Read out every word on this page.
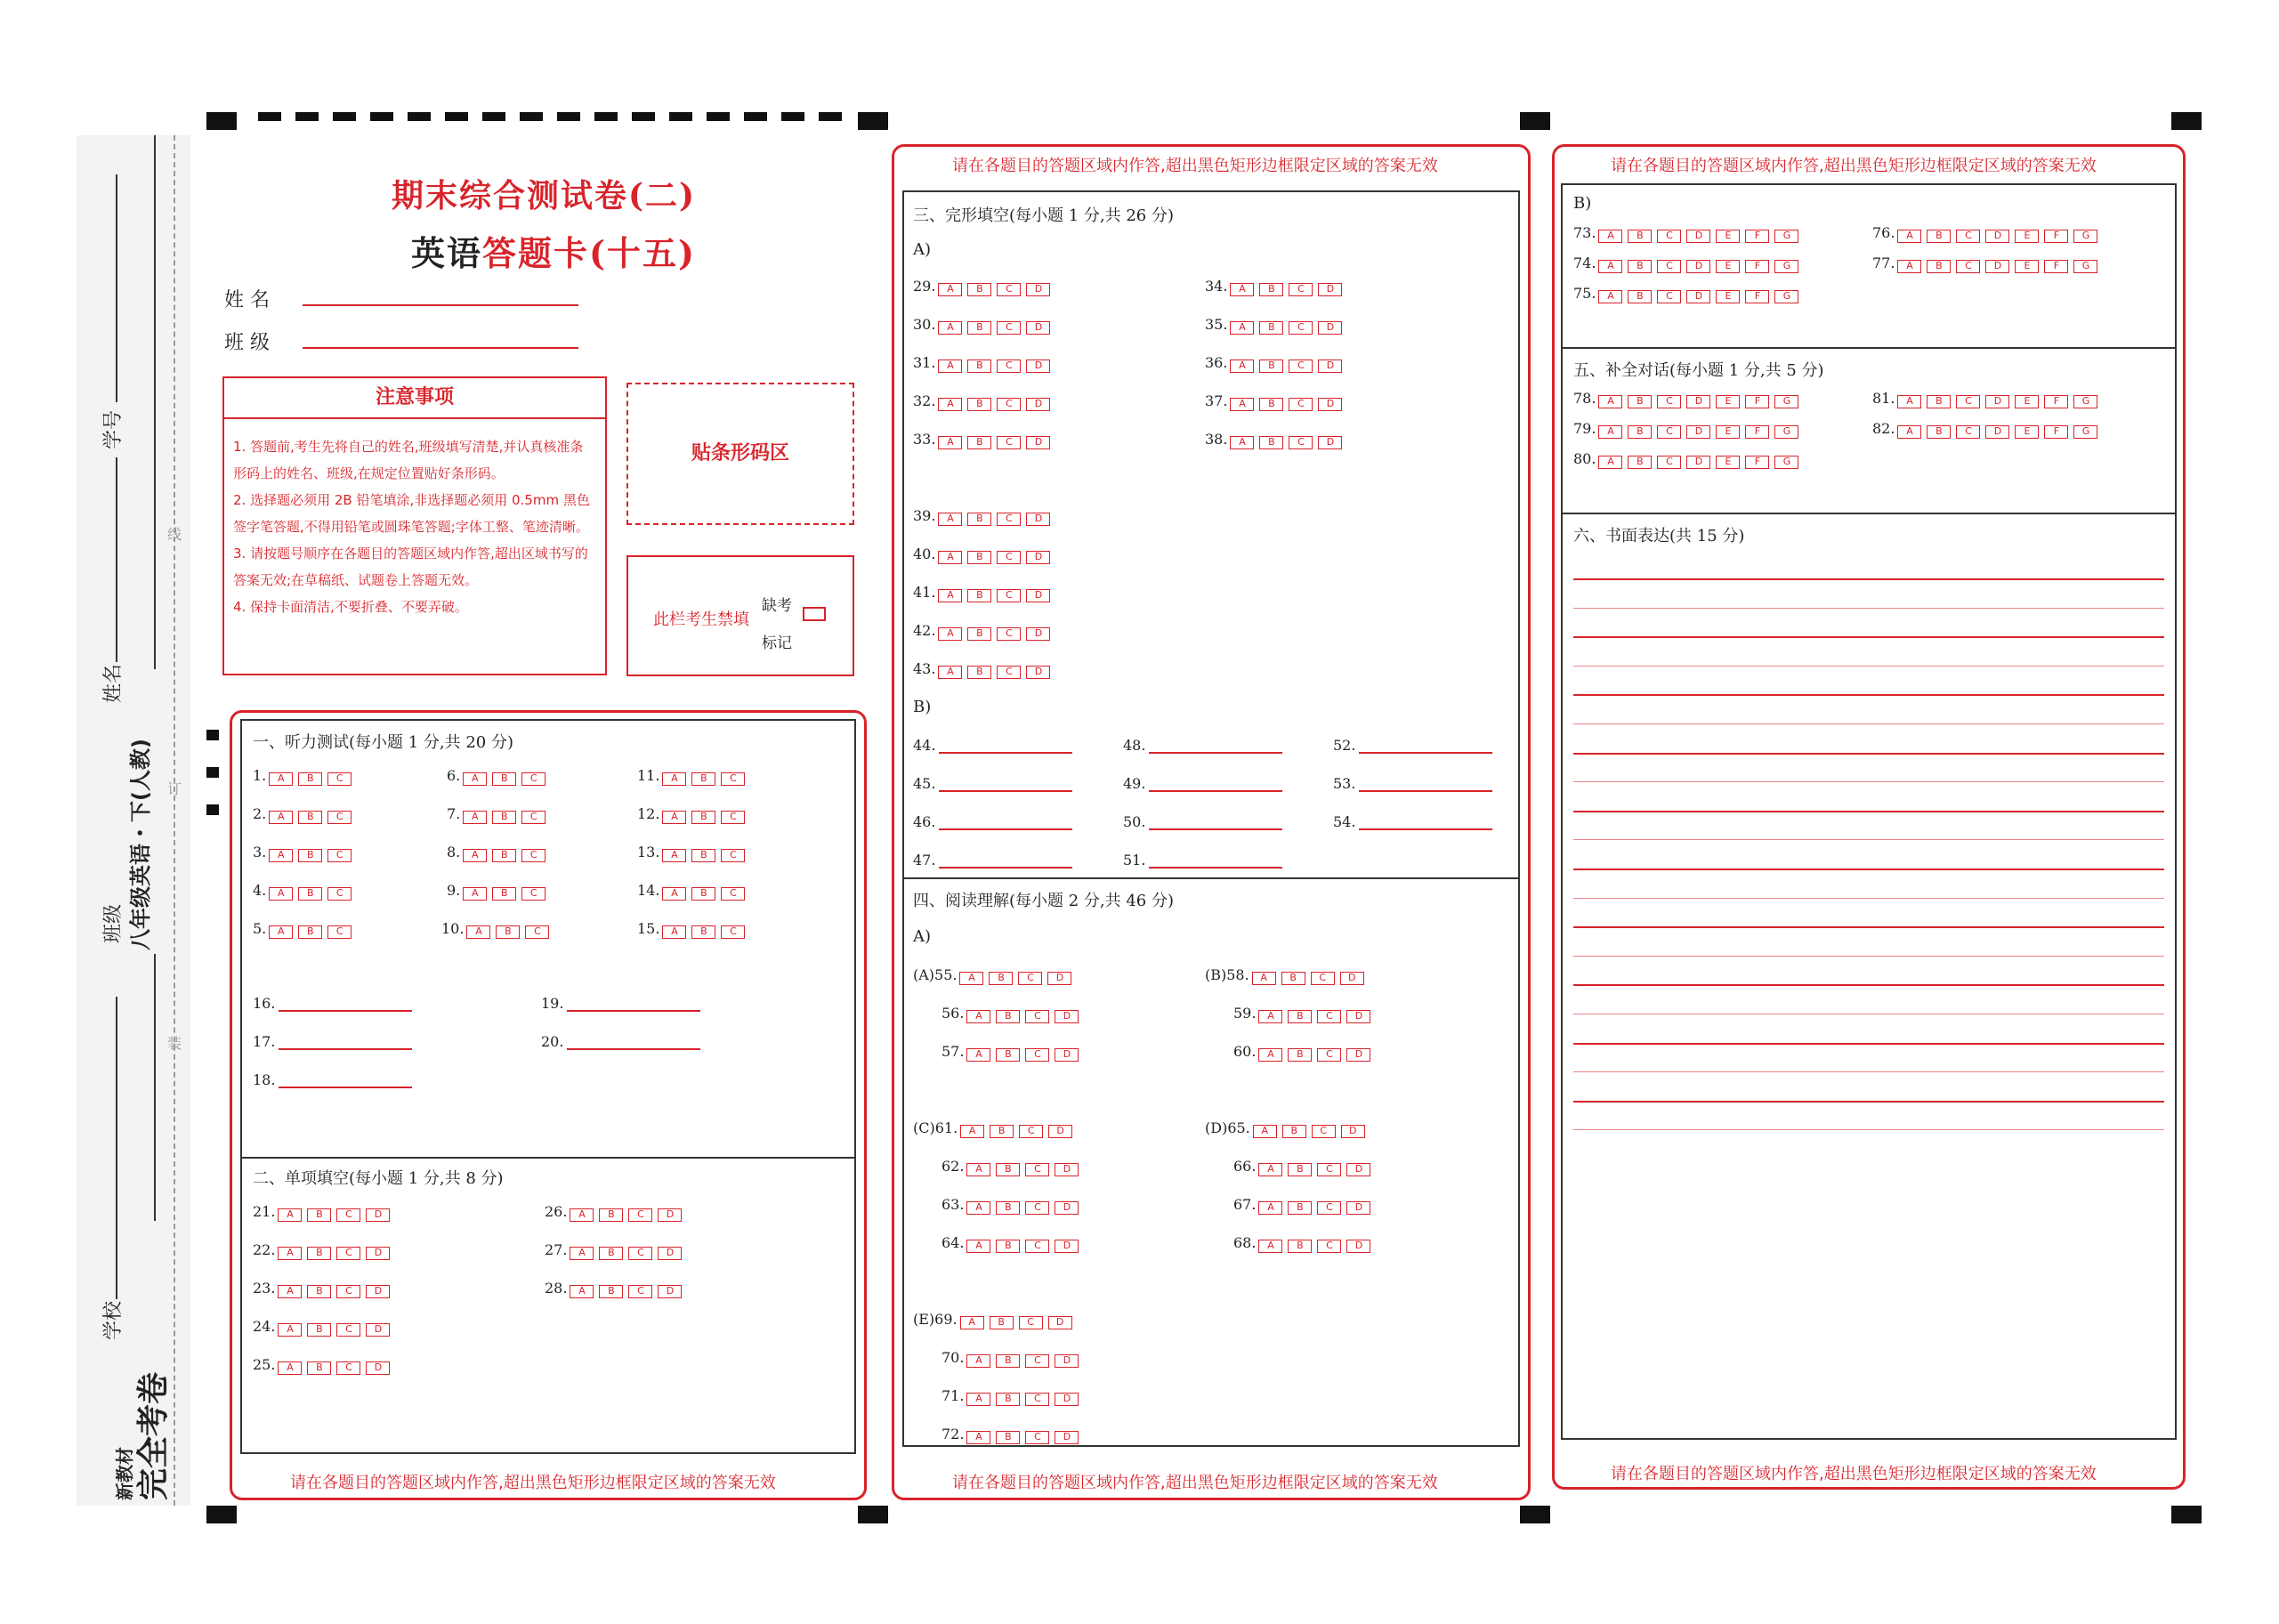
学号
姓名
班级
学校
八年级英语・下(人教)
线
订
装
新教材 完全考卷
期末综合测试卷(二)
英语答题卡(十五)
姓 名
班 级
注意事项
1. 答题前,考生先将自己的姓名,班级填写清楚,并认真核准条形码上的姓名、班级,在规定位置贴好条形码。
2. 选择题必须用 2B 铅笔填涂,非选择题必须用 0.5mm 黑色签字笔答题,不得用铅笔或圆珠笔答题;字体工整、笔迹清晰。
3. 请按题号顺序在各题目的答题区域内作答,超出区域书写的答案无效;在草稿纸、试题卷上答题无效。
4. 保持卡面清洁,不要折叠、不要弄破。
贴条形码区
此栏考生禁填
缺考
标记
请在各题目的答题区域内作答,超出黑色矩形边框限定区域的答案无效
请在各题目的答题区域内作答,超出黑色矩形边框限定区域的答案无效
请在各题目的答题区域内作答,超出黑色矩形边框限定区域的答案无效
请在各题目的答题区域内作答,超出黑色矩形边框限定区域的答案无效
请在各题目的答题区域内作答,超出黑色矩形边框限定区域的答案无效
一、听力测试(每小题 1 分,共 20 分)
二、单项填空(每小题 1 分,共 8 分)
三、完形填空(每小题 1 分,共 26 分)
A)
B)
四、阅读理解(每小题 2 分,共 46 分)
A)
B)
五、补全对话(每小题 1 分,共 5 分)
六、书面表达(共 15 分)
1. A B C
2. A B C
3. A B C
4. A B C
5. A B C
6. A B C
7. A B C
8. A B C
9. A B C
10. A B C
11. A B C
12. A B C
13. A B C
14. A B C
15. A B C
16.
17.
18.
19.
20.
21. A B C D
22. A B C D
23. A B C D
24. A B C D
25. A B C D
26. A B C D
27. A B C D
28. A B C D
29. A B C D
30. A B C D
31. A B C D
32. A B C D
33. A B C D
34. A B C D
35. A B C D
36. A B C D
37. A B C D
38. A B C D
39. A B C D
40. A B C D
41. A B C D
42. A B C D
43. A B C D
44.
45.
46.
47.
48.
49.
50.
51.
52.
53.
54.
(A)55. A B C D
56. A B C D
57. A B C D
(B)58. A B C D
59. A B C D
60. A B C D
(C)61. A B C D
62. A B C D
63. A B C D
64. A B C D
(D)65. A B C D
66. A B C D
67. A B C D
68. A B C D
(E)69. A B C D
70. A B C D
71. A B C D
72. A B C D
73. A B C D E F G
74. A B C D E F G
75. A B C D E F G
76. A B C D E F G
77. A B C D E F G
78. A B C D E F G
79. A B C D E F G
80. A B C D E F G
81. A B C D E F G
82. A B C D E F G
